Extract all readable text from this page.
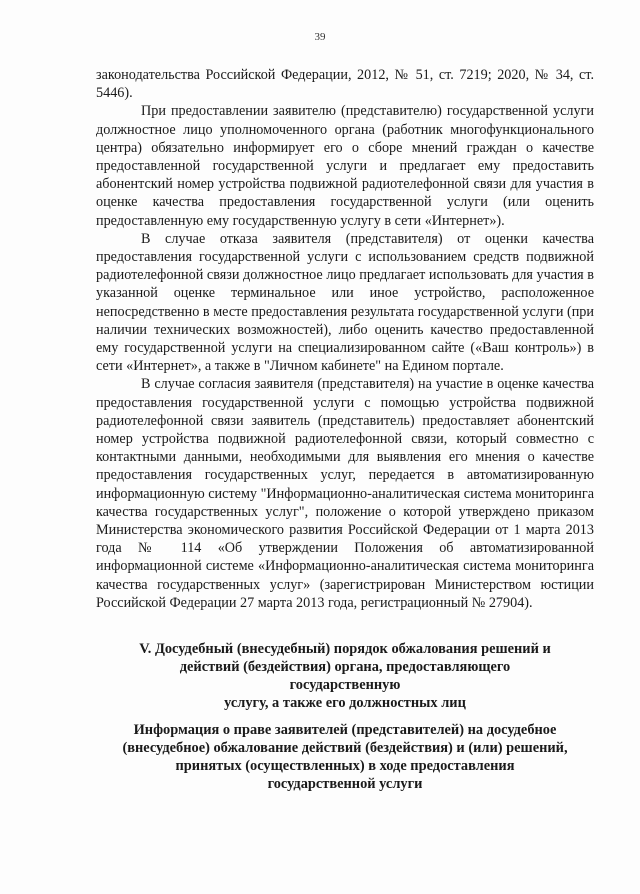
39

законодательства Российской Федерации, 2012, № 51, ст. 7219; 2020, № 34, ст. 5446).

При предоставлении заявителю (представителю) государственной услуги должностное лицо уполномоченного органа (работник многофункционального центра) обязательно информирует его о сборе мнений граждан о качестве предоставленной государственной услуги и предлагает ему предоставить абонентский номер устройства подвижной радиотелефонной связи для участия в оценке качества предоставления государственной услуги (или оценить предоставленную ему государственную услугу в сети «Интернет»).

В случае отказа заявителя (представителя) от оценки качества предоставления государственной услуги с использованием средств подвижной радиотелефонной связи должностное лицо предлагает использовать для участия в указанной оценке терминальное или иное устройство, расположенное непосредственно в месте предоставления результата государственной услуги (при наличии технических возможностей), либо оценить качество предоставленной ему государственной услуги на специализированном сайте («Ваш контроль») в сети «Интернет», а также в "Личном кабинете" на Едином портале.

В случае согласия заявителя (представителя) на участие в оценке качества предоставления государственной услуги с помощью устройства подвижной радиотелефонной связи заявитель (представитель) предоставляет абонентский номер устройства подвижной радиотелефонной связи, который совместно с контактными данными, необходимыми для выявления его мнения о качестве предоставления государственных услуг, передается в автоматизированную информационную систему "Информационно-аналитическая система мониторинга качества государственных услуг", положение о которой утверждено приказом Министерства экономического развития Российской Федерации от 1 марта 2013 года № 114 «Об утверждении Положения об автоматизированной информационной системе «Информационно-аналитическая система мониторинга качества государственных услуг» (зарегистрирован Министерством юстиции Российской Федерации 27 марта 2013 года, регистрационный № 27904).

V. Досудебный (внесудебный) порядок обжалования решений и
действий (бездействия) органа, предоставляющего
государственную
услугу, а также его должностных лиц
Информация о праве заявителей (представителей) на досудебное
(внесудебное) обжалование действий (бездействия) и (или) решений,
принятых (осуществленных) в ходе предоставления
государственной услуги
